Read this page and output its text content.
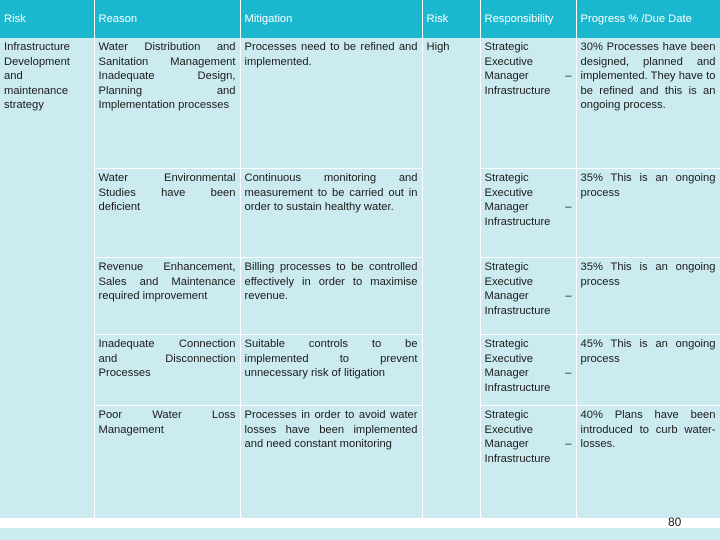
Risk	Reason	Mitigation	Risk	Responsibility	Progress % /Due Date
Infrastructure Development and maintenance strategy	Water Distribution and Sanitation Management Inadequate Design, Planning and Implementation processes	Processes need to be refined and implemented.	High	Strategic Executive Manager – Infrastructure	30% Processes have been designed, planned and implemented. They have to be refined and this is an ongoing process.
	Water Environmental Studies have been deficient	Continuous monitoring and measurement to be carried out in order to sustain healthy water.		Strategic Executive Manager – Infrastructure	35% This is an ongoing process
	Revenue Enhancement, Sales and Maintenance required improvement	Billing processes to be controlled effectively in order to maximise revenue.		Strategic Executive Manager – Infrastructure	35% This is an ongoing process
	Inadequate Connection and Disconnection Processes	Suitable controls to be implemented to prevent unnecessary risk of litigation		Strategic Executive Manager – Infrastructure	45% This is an ongoing process
	Poor Water Loss Management	Processes in order to avoid water losses have been implemented and need constant monitoring		Strategic Executive Manager – Infrastructure	40% Plans have been introduced to curb water-losses.
80
